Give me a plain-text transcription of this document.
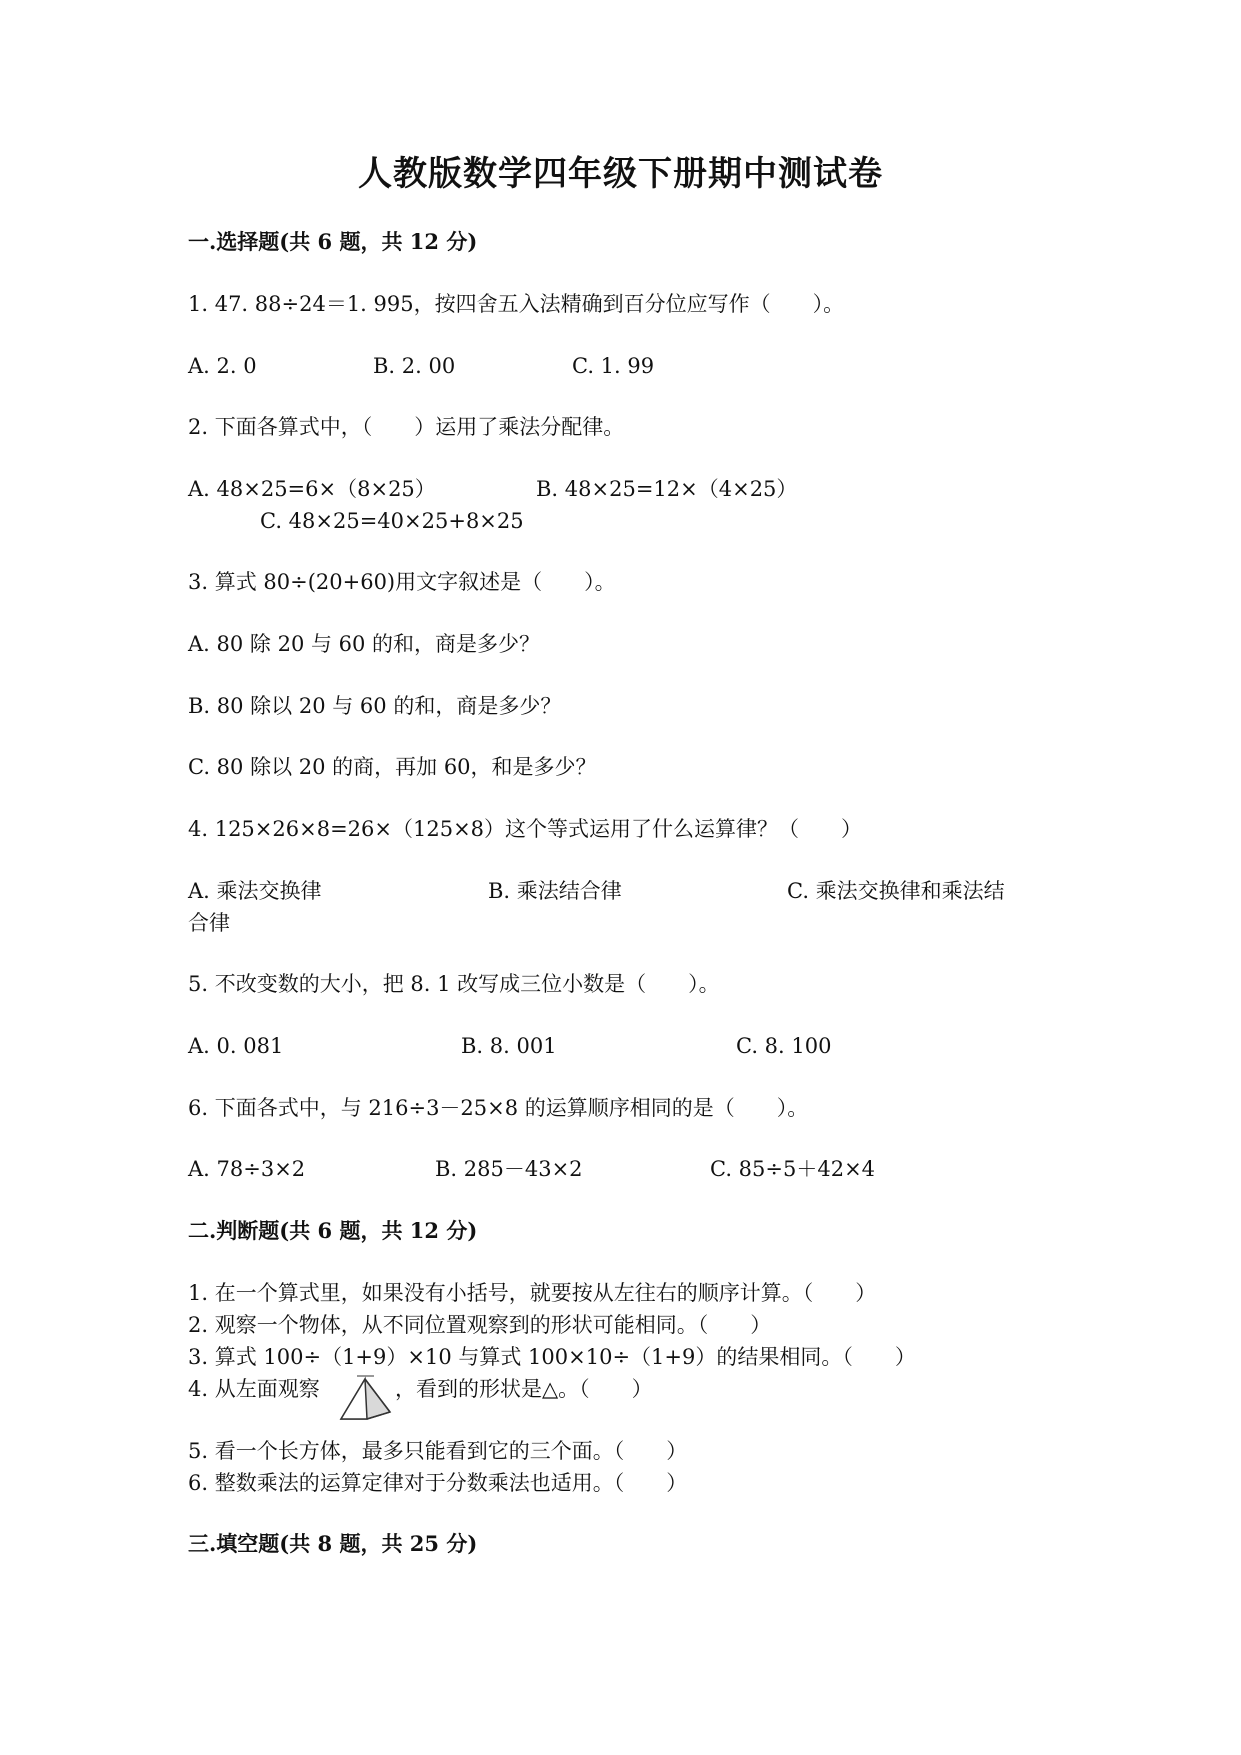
人教版数学四年级下册期中测试卷
一.选择题(共 6 题，共 12 分)
1. 47. 88÷24＝1. 995，按四舍五入法精确到百分位应写作（　　）。
A. 2. 0	B. 2. 00	C. 1. 99
2. 下面各算式中，（　　）运用了乘法分配律。
A. 48×25=6×（8×25）	B. 48×25=12×（4×25）
C. 48×25=40×25+8×25
3. 算式 80÷(20+60)用文字叙述是（　　）。
A. 80 除 20 与 60 的和，商是多少？
B. 80 除以 20 与 60 的和，商是多少？
C. 80 除以 20 的商，再加 60，和是多少？
4. 125×26×8=26×（125×8）这个等式运用了什么运算律？（　　）
A. 乘法交换律	B. 乘法结合律	C. 乘法交换律和乘法结
合律
5. 不改变数的大小，把 8. 1 改写成三位小数是（　　）。
A. 0. 081	B. 8. 001	C. 8. 100
6. 下面各式中，与 216÷3－25×8 的运算顺序相同的是（　　）。
A. 78÷3×2	B. 285－43×2	C. 85÷5＋42×4
二.判断题(共 6 题，共 12 分)
1. 在一个算式里，如果没有小括号，就要按从左往右的顺序计算。（　　）
2. 观察一个物体，从不同位置观察到的形状可能相同。（　　）
3. 算式 100÷（1+9）×10 与算式 100×10÷（1+9）的结果相同。（　　）
4. 从左面观察	，看到的形状是△。（　　）
5. 看一个长方体，最多只能看到它的三个面。（　　）
6. 整数乘法的运算定律对于分数乘法也适用。（　　）
三.填空题(共 8 题，共 25 分)
